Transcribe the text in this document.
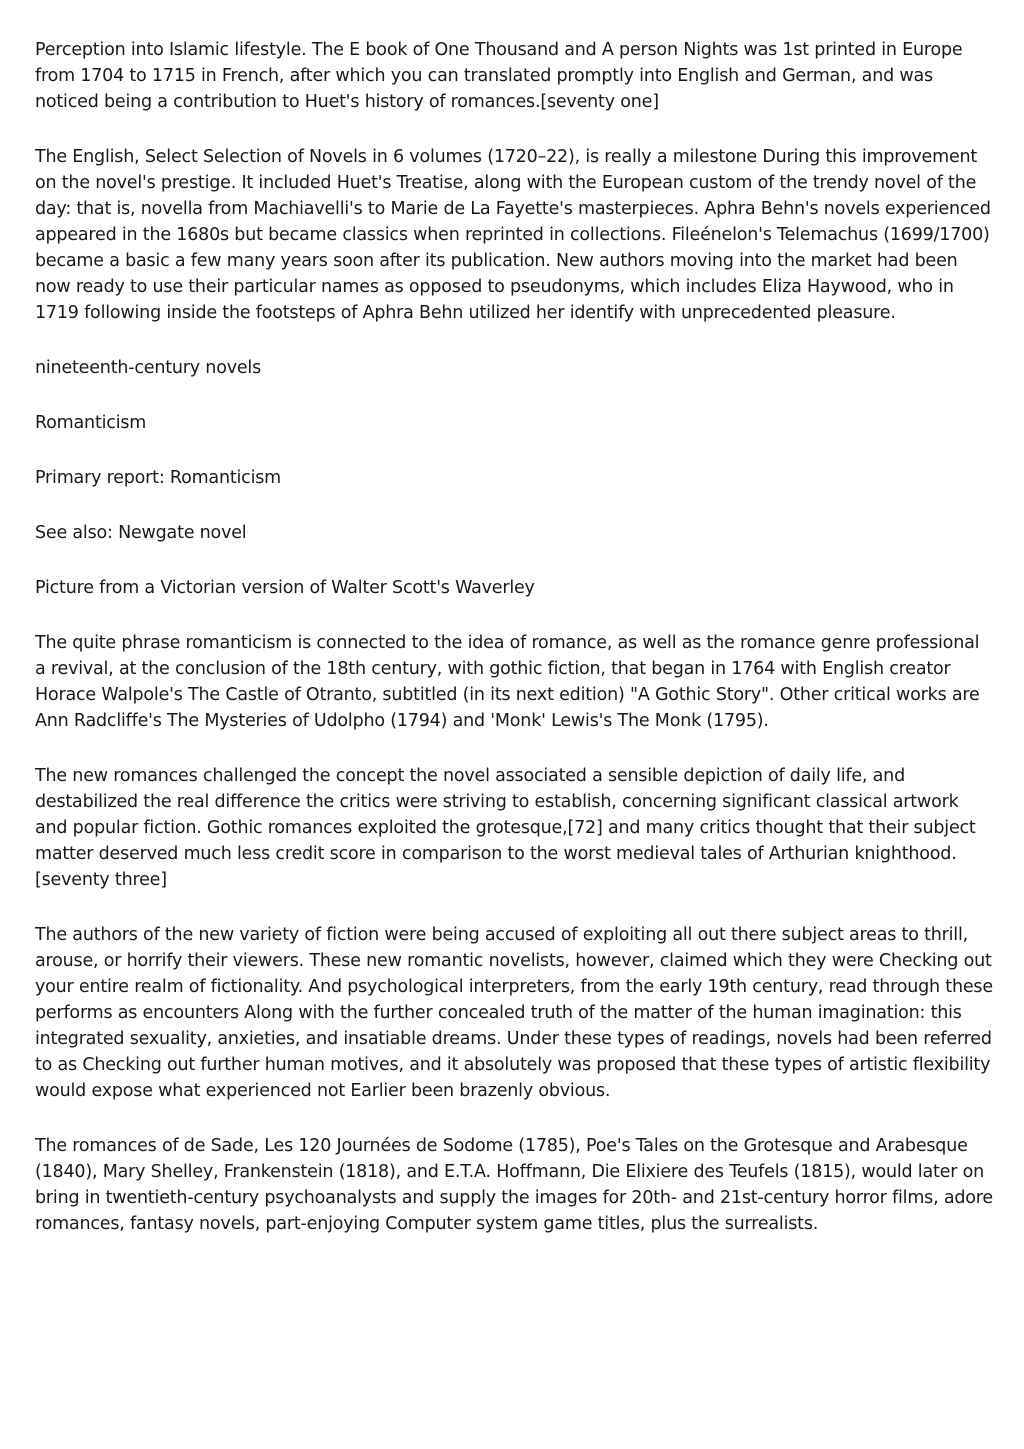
Perception into Islamic lifestyle. The E book of One Thousand and A person Nights was 1st printed in Europe from 1704 to 1715 in French, after which you can translated promptly into English and German, and was noticed being a contribution to Huet's history of romances.[seventy one]

The English, Select Selection of Novels in 6 volumes (1720–22), is really a milestone During this improvement on the novel's prestige. It included Huet's Treatise, along with the European custom of the trendy novel of the day: that is, novella from Machiavelli's to Marie de La Fayette's masterpieces. Aphra Behn's novels experienced appeared in the 1680s but became classics when reprinted in collections. Fileénelon's Telemachus (1699/1700) became a basic a few many years soon after its publication. New authors moving into the market had been now ready to use their particular names as opposed to pseudonyms, which includes Eliza Haywood, who in 1719 following inside the footsteps of Aphra Behn utilized her identify with unprecedented pleasure.

nineteenth-century novels

Romanticism

Primary report: Romanticism

See also: Newgate novel

Picture from a Victorian version of Walter Scott's Waverley

The quite phrase romanticism is connected to the idea of romance, as well as the romance genre professional a revival, at the conclusion of the 18th century, with gothic fiction, that began in 1764 with English creator Horace Walpole's The Castle of Otranto, subtitled (in its next edition) "A Gothic Story". Other critical works are Ann Radcliffe's The Mysteries of Udolpho (1794) and 'Monk' Lewis's The Monk (1795).

The new romances challenged the concept the novel associated a sensible depiction of daily life, and destabilized the real difference the critics were striving to establish, concerning significant classical artwork and popular fiction. Gothic romances exploited the grotesque,[72] and many critics thought that their subject matter deserved much less credit score in comparison to the worst medieval tales of Arthurian knighthood.[seventy three]

The authors of the new variety of fiction were being accused of exploiting all out there subject areas to thrill, arouse, or horrify their viewers. These new romantic novelists, however, claimed which they were Checking out your entire realm of fictionality. And psychological interpreters, from the early 19th century, read through these performs as encounters Along with the further concealed truth of the matter of the human imagination: this integrated sexuality, anxieties, and insatiable dreams. Under these types of readings, novels had been referred to as Checking out further human motives, and it absolutely was proposed that these types of artistic flexibility would expose what experienced not Earlier been brazenly obvious.

The romances of de Sade, Les 120 Journées de Sodome (1785), Poe's Tales on the Grotesque and Arabesque (1840), Mary Shelley, Frankenstein (1818), and E.T.A. Hoffmann, Die Elixiere des Teufels (1815), would later on bring in twentieth-century psychoanalysts and supply the images for 20th- and 21st-century horror films, adore romances, fantasy novels, part-enjoying Computer system game titles, plus the surrealists.
